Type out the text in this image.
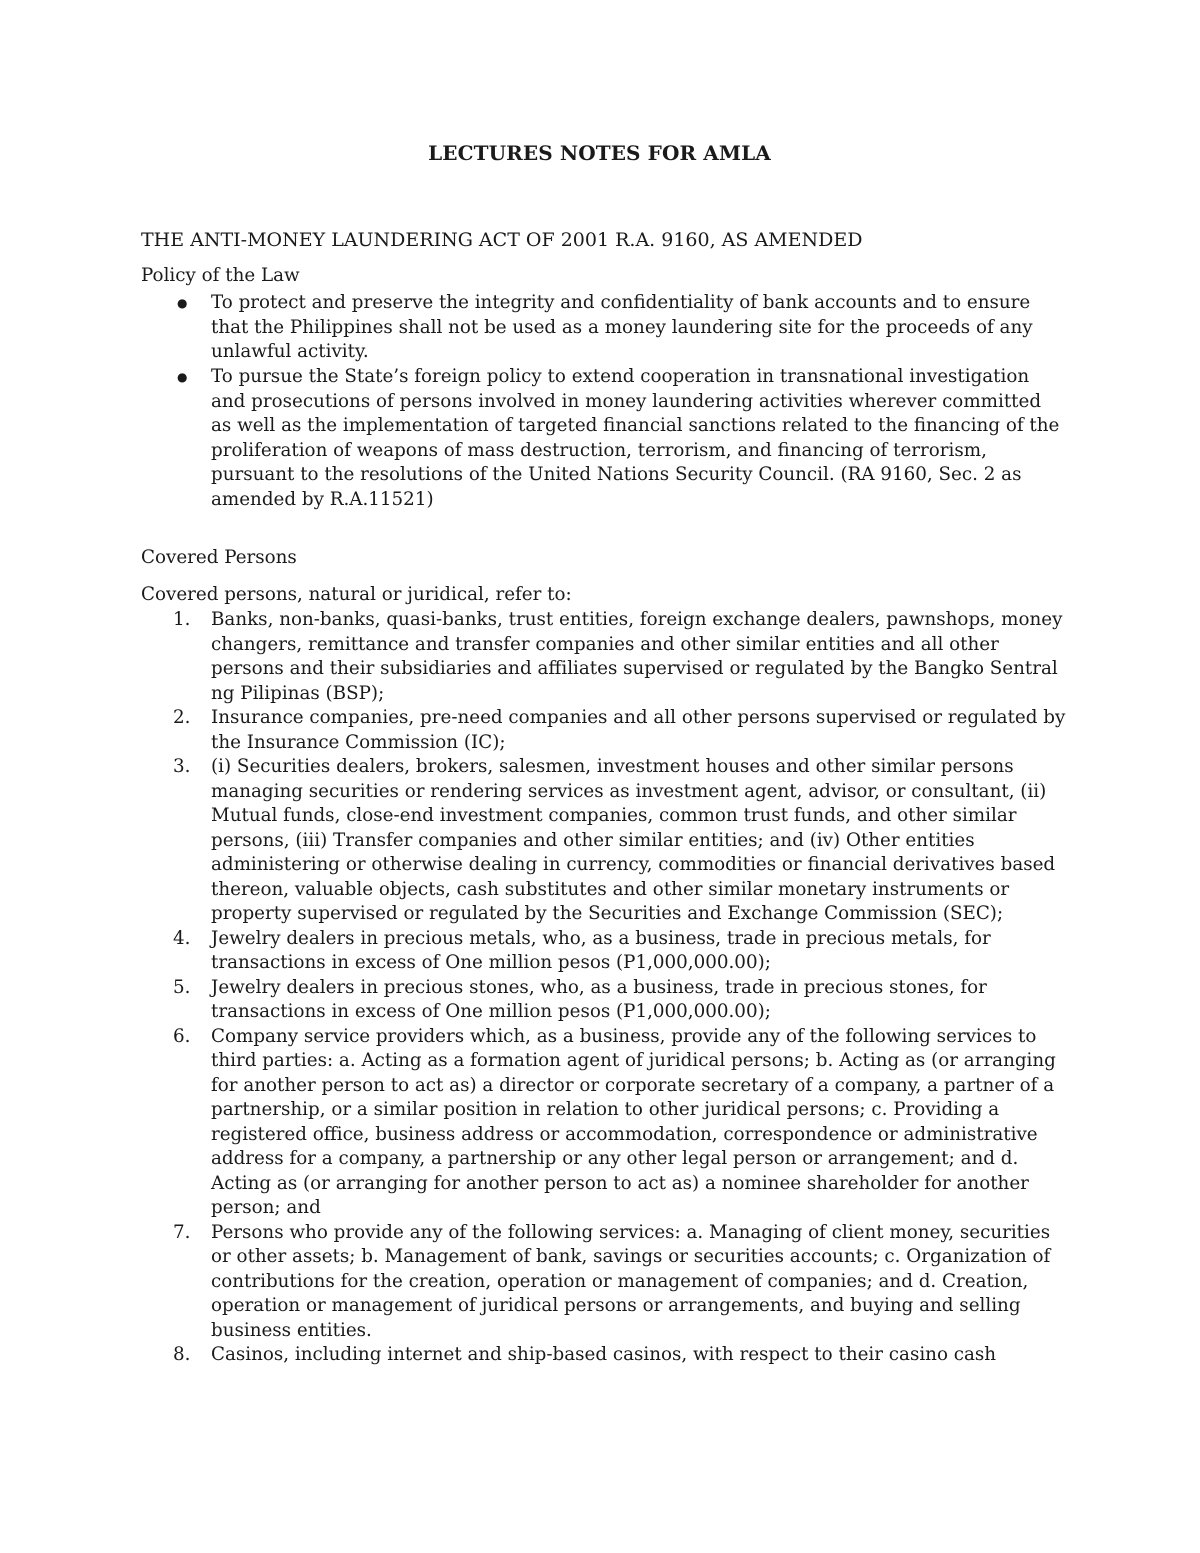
LECTURES NOTES FOR AMLA
THE ANTI-MONEY LAUNDERING ACT OF 2001 R.A. 9160, AS AMENDED
Policy of the Law
● To protect and preserve the integrity and confidentiality of bank accounts and to ensure that the Philippines shall not be used as a money laundering site for the proceeds of any unlawful activity.
● To pursue the State’s foreign policy to extend cooperation in transnational investigation and prosecutions of persons involved in money laundering activities wherever committed as well as the implementation of targeted financial sanctions related to the financing of the proliferation of weapons of mass destruction, terrorism, and financing of terrorism, pursuant to the resolutions of the United Nations Security Council. (RA 9160, Sec. 2 as amended by R.A.11521)
Covered Persons
Covered persons, natural or juridical, refer to:
1. Banks, non-banks, quasi-banks, trust entities, foreign exchange dealers, pawnshops, money changers, remittance and transfer companies and other similar entities and all other persons and their subsidiaries and affiliates supervised or regulated by the Bangko Sentral ng Pilipinas (BSP);
2. Insurance companies, pre-need companies and all other persons supervised or regulated by the Insurance Commission (IC);
3. (i) Securities dealers, brokers, salesmen, investment houses and other similar persons managing securities or rendering services as investment agent, advisor, or consultant, (ii) Mutual funds, close-end investment companies, common trust funds, and other similar persons, (iii) Transfer companies and other similar entities; and (iv) Other entities administering or otherwise dealing in currency, commodities or financial derivatives based thereon, valuable objects, cash substitutes and other similar monetary instruments or property supervised or regulated by the Securities and Exchange Commission (SEC);
4. Jewelry dealers in precious metals, who, as a business, trade in precious metals, for transactions in excess of One million pesos (P1,000,000.00);
5. Jewelry dealers in precious stones, who, as a business, trade in precious stones, for transactions in excess of One million pesos (P1,000,000.00);
6. Company service providers which, as a business, provide any of the following services to third parties: a. Acting as a formation agent of juridical persons; b. Acting as (or arranging for another person to act as) a director or corporate secretary of a company, a partner of a partnership, or a similar position in relation to other juridical persons; c. Providing a registered office, business address or accommodation, correspondence or administrative address for a company, a partnership or any other legal person or arrangement; and d. Acting as (or arranging for another person to act as) a nominee shareholder for another person; and
7. Persons who provide any of the following services: a. Managing of client money, securities or other assets; b. Management of bank, savings or securities accounts; c. Organization of contributions for the creation, operation or management of companies; and d. Creation, operation or management of juridical persons or arrangements, and buying and selling business entities.
8. Casinos, including internet and ship-based casinos, with respect to their casino cash
